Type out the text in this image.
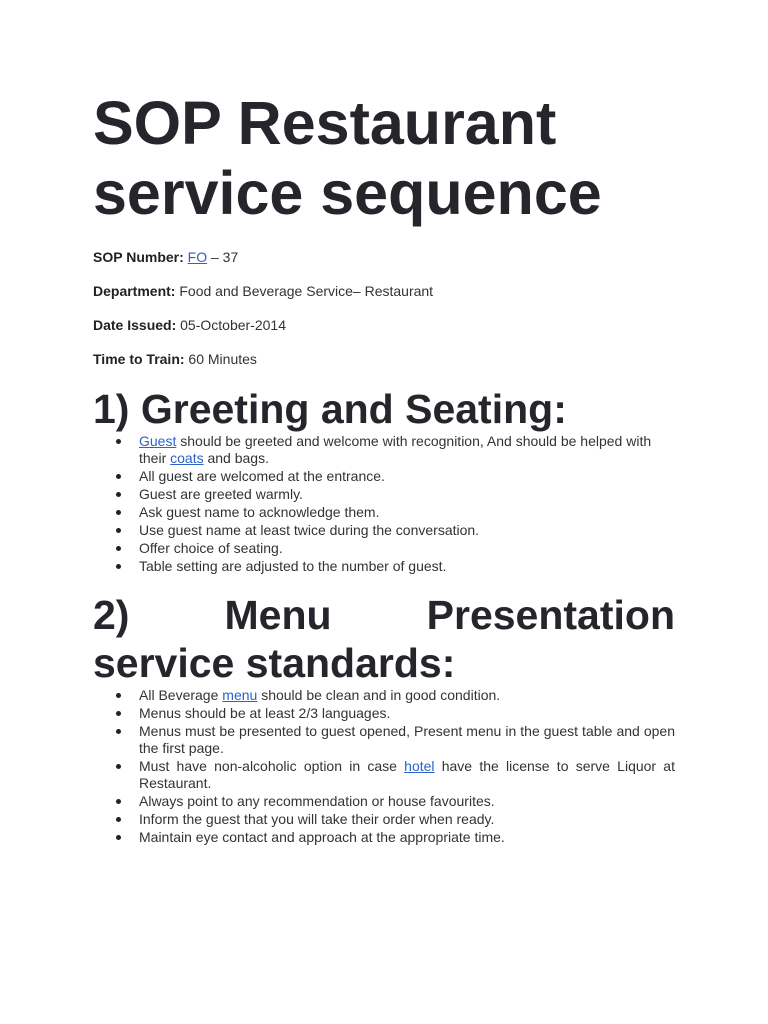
SOP Restaurant
service sequence

SOP Number: FO – 37

Department: Food and Beverage Service– Restaurant

Date Issued: 05-October-2014

Time to Train: 60 Minutes

1) Greeting and Seating:
Guest should be greeted and welcome with recognition, And should be helped with their coats and bags.
All guest are welcomed at the entrance.
Guest are greeted warmly.
Ask guest name to acknowledge them.
Use guest name at least twice during the conversation.
Offer choice of seating.
Table setting are adjusted to the number of guest.
2) Menu Presentation
service standards:
All Beverage menu should be clean and in good condition.
Menus should be at least 2/3 languages.
Menus must be presented to guest opened, Present menu in the guest table and open the first page.
Must have non-alcoholic option in case hotel have the license to serve Liquor at Restaurant.
Always point to any recommendation or house favourites.
Inform the guest that you will take their order when ready.
Maintain eye contact and approach at the appropriate time.
